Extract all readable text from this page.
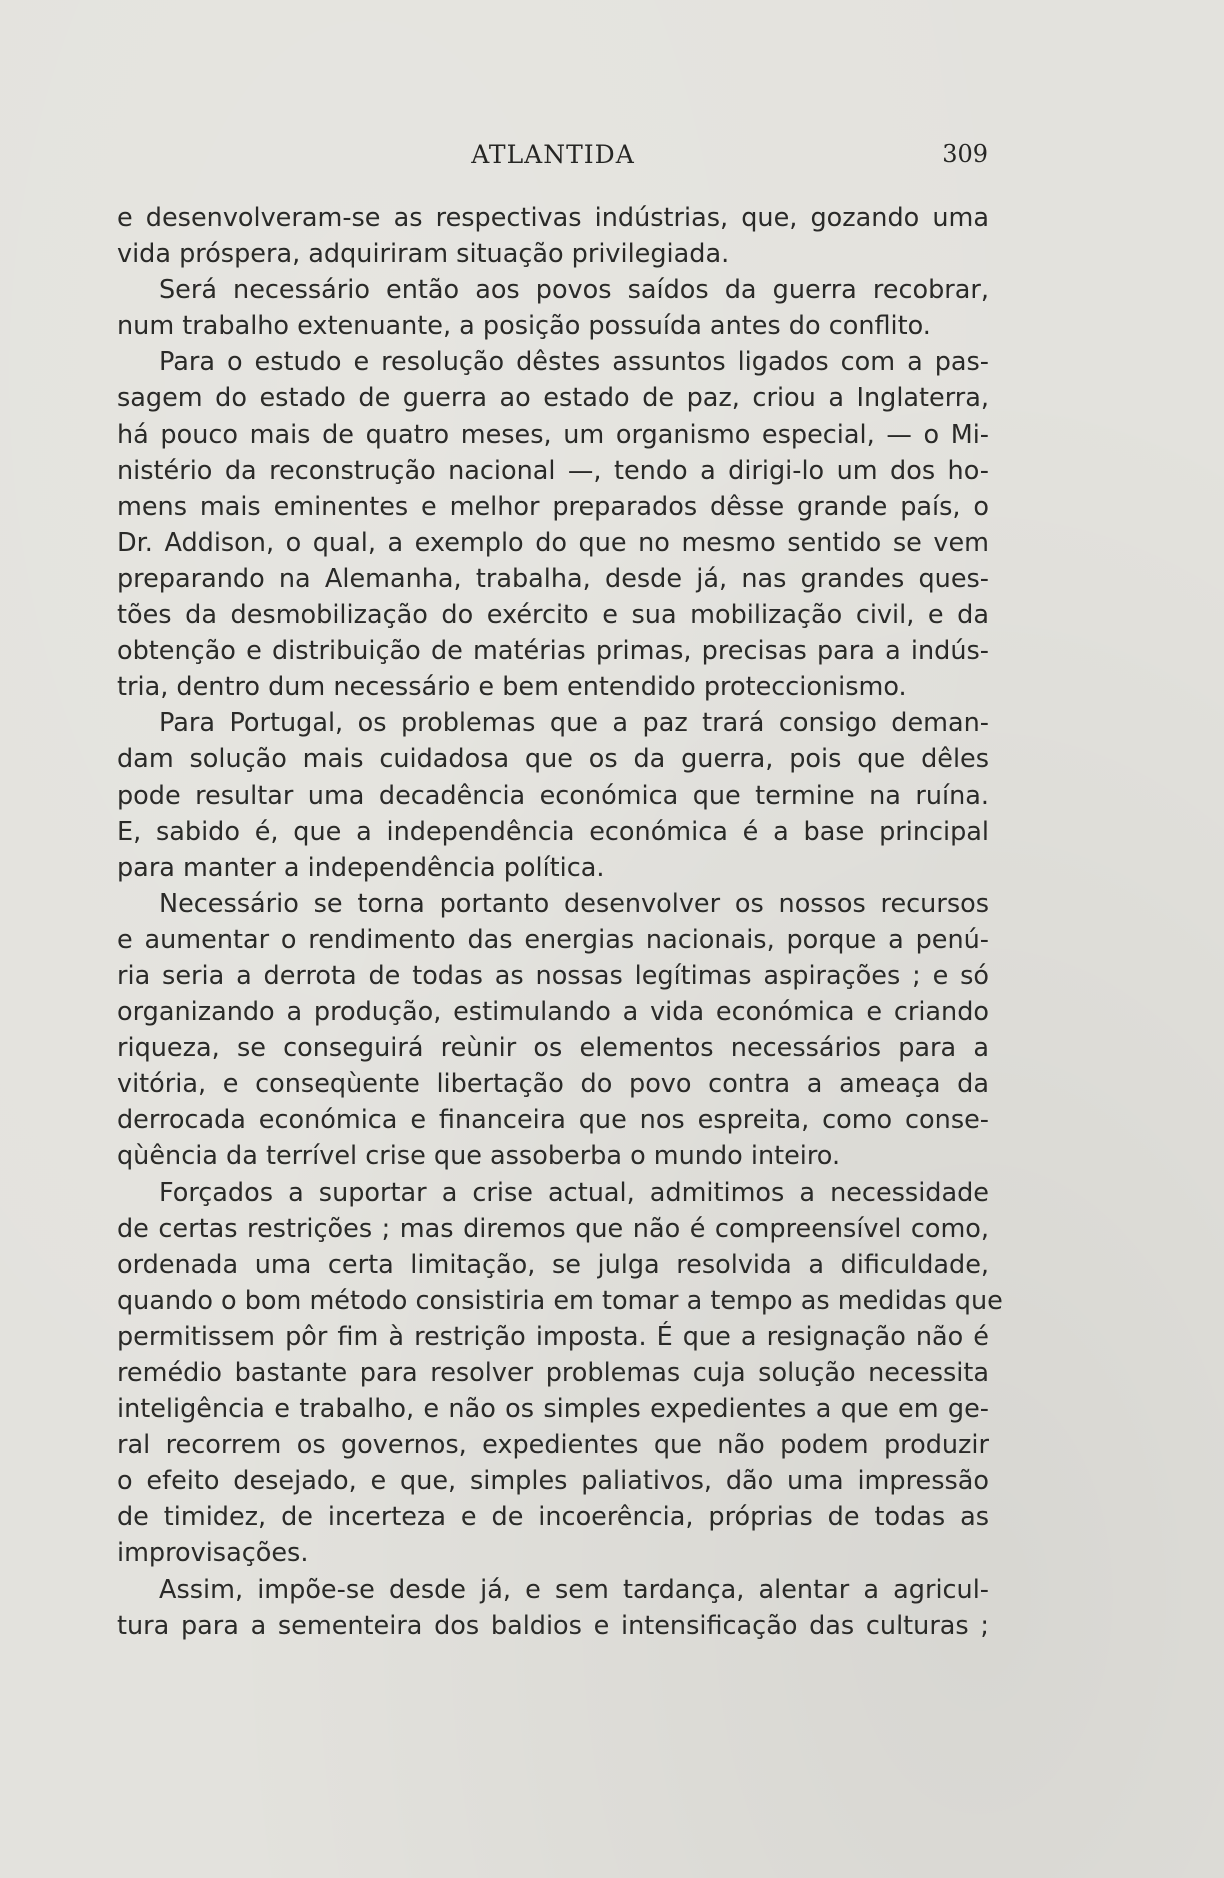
ATLANTIDA	309
e desenvolveram-se as respectivas indústrias, que, gozando uma
vida próspera, adquiriram situação privilegiada.
Será necessário então aos povos saídos da guerra recobrar,
num trabalho extenuante, a posição possuída antes do conflito.
Para o estudo e resolução dêstes assuntos ligados com a pas-
sagem do estado de guerra ao estado de paz, criou a Inglaterra,
há pouco mais de quatro meses, um organismo especial, — o Mi-
nistério da reconstrução nacional —, tendo a dirigi-lo um dos ho-
mens mais eminentes e melhor preparados dêsse grande país, o
Dr. Addison, o qual, a exemplo do que no mesmo sentido se vem
preparando na Alemanha, trabalha, desde já, nas grandes ques-
tões da desmobilização do exército e sua mobilização civil, e da
obtenção e distribuição de matérias primas, precisas para a indús-
tria, dentro dum necessário e bem entendido proteccionismo.
Para Portugal, os problemas que a paz trará consigo deman-
dam solução mais cuidadosa que os da guerra, pois que dêles
pode resultar uma decadência económica que termine na ruína.
E, sabido é, que a independência económica é a base principal
para manter a independência política.
Necessário se torna portanto desenvolver os nossos recursos
e aumentar o rendimento das energias nacionais, porque a penú-
ria seria a derrota de todas as nossas legítimas aspirações ; e só
organizando a produção, estimulando a vida económica e criando
riqueza, se conseguirá reùnir os elementos necessários para a
vitória, e conseqùente libertação do povo contra a ameaça da
derrocada económica e financeira que nos espreita, como conse-
qùência da terrível crise que assoberba o mundo inteiro.
Forçados a suportar a crise actual, admitimos a necessidade
de certas restrições ; mas diremos que não é compreensível como,
ordenada uma certa limitação, se julga resolvida a dificuldade,
quando o bom método consistiria em tomar a tempo as medidas que
permitissem pôr fim à restrição imposta. É que a resignação não é
remédio bastante para resolver problemas cuja solução necessita
inteligência e trabalho, e não os simples expedientes a que em ge-
ral recorrem os governos, expedientes que não podem produzir
o efeito desejado, e que, simples paliativos, dão uma impressão
de timidez, de incerteza e de incoerência, próprias de todas as
improvisações.
Assim, impõe-se desde já, e sem tardança, alentar a agricul-
tura para a sementeira dos baldios e intensificação das culturas ;
